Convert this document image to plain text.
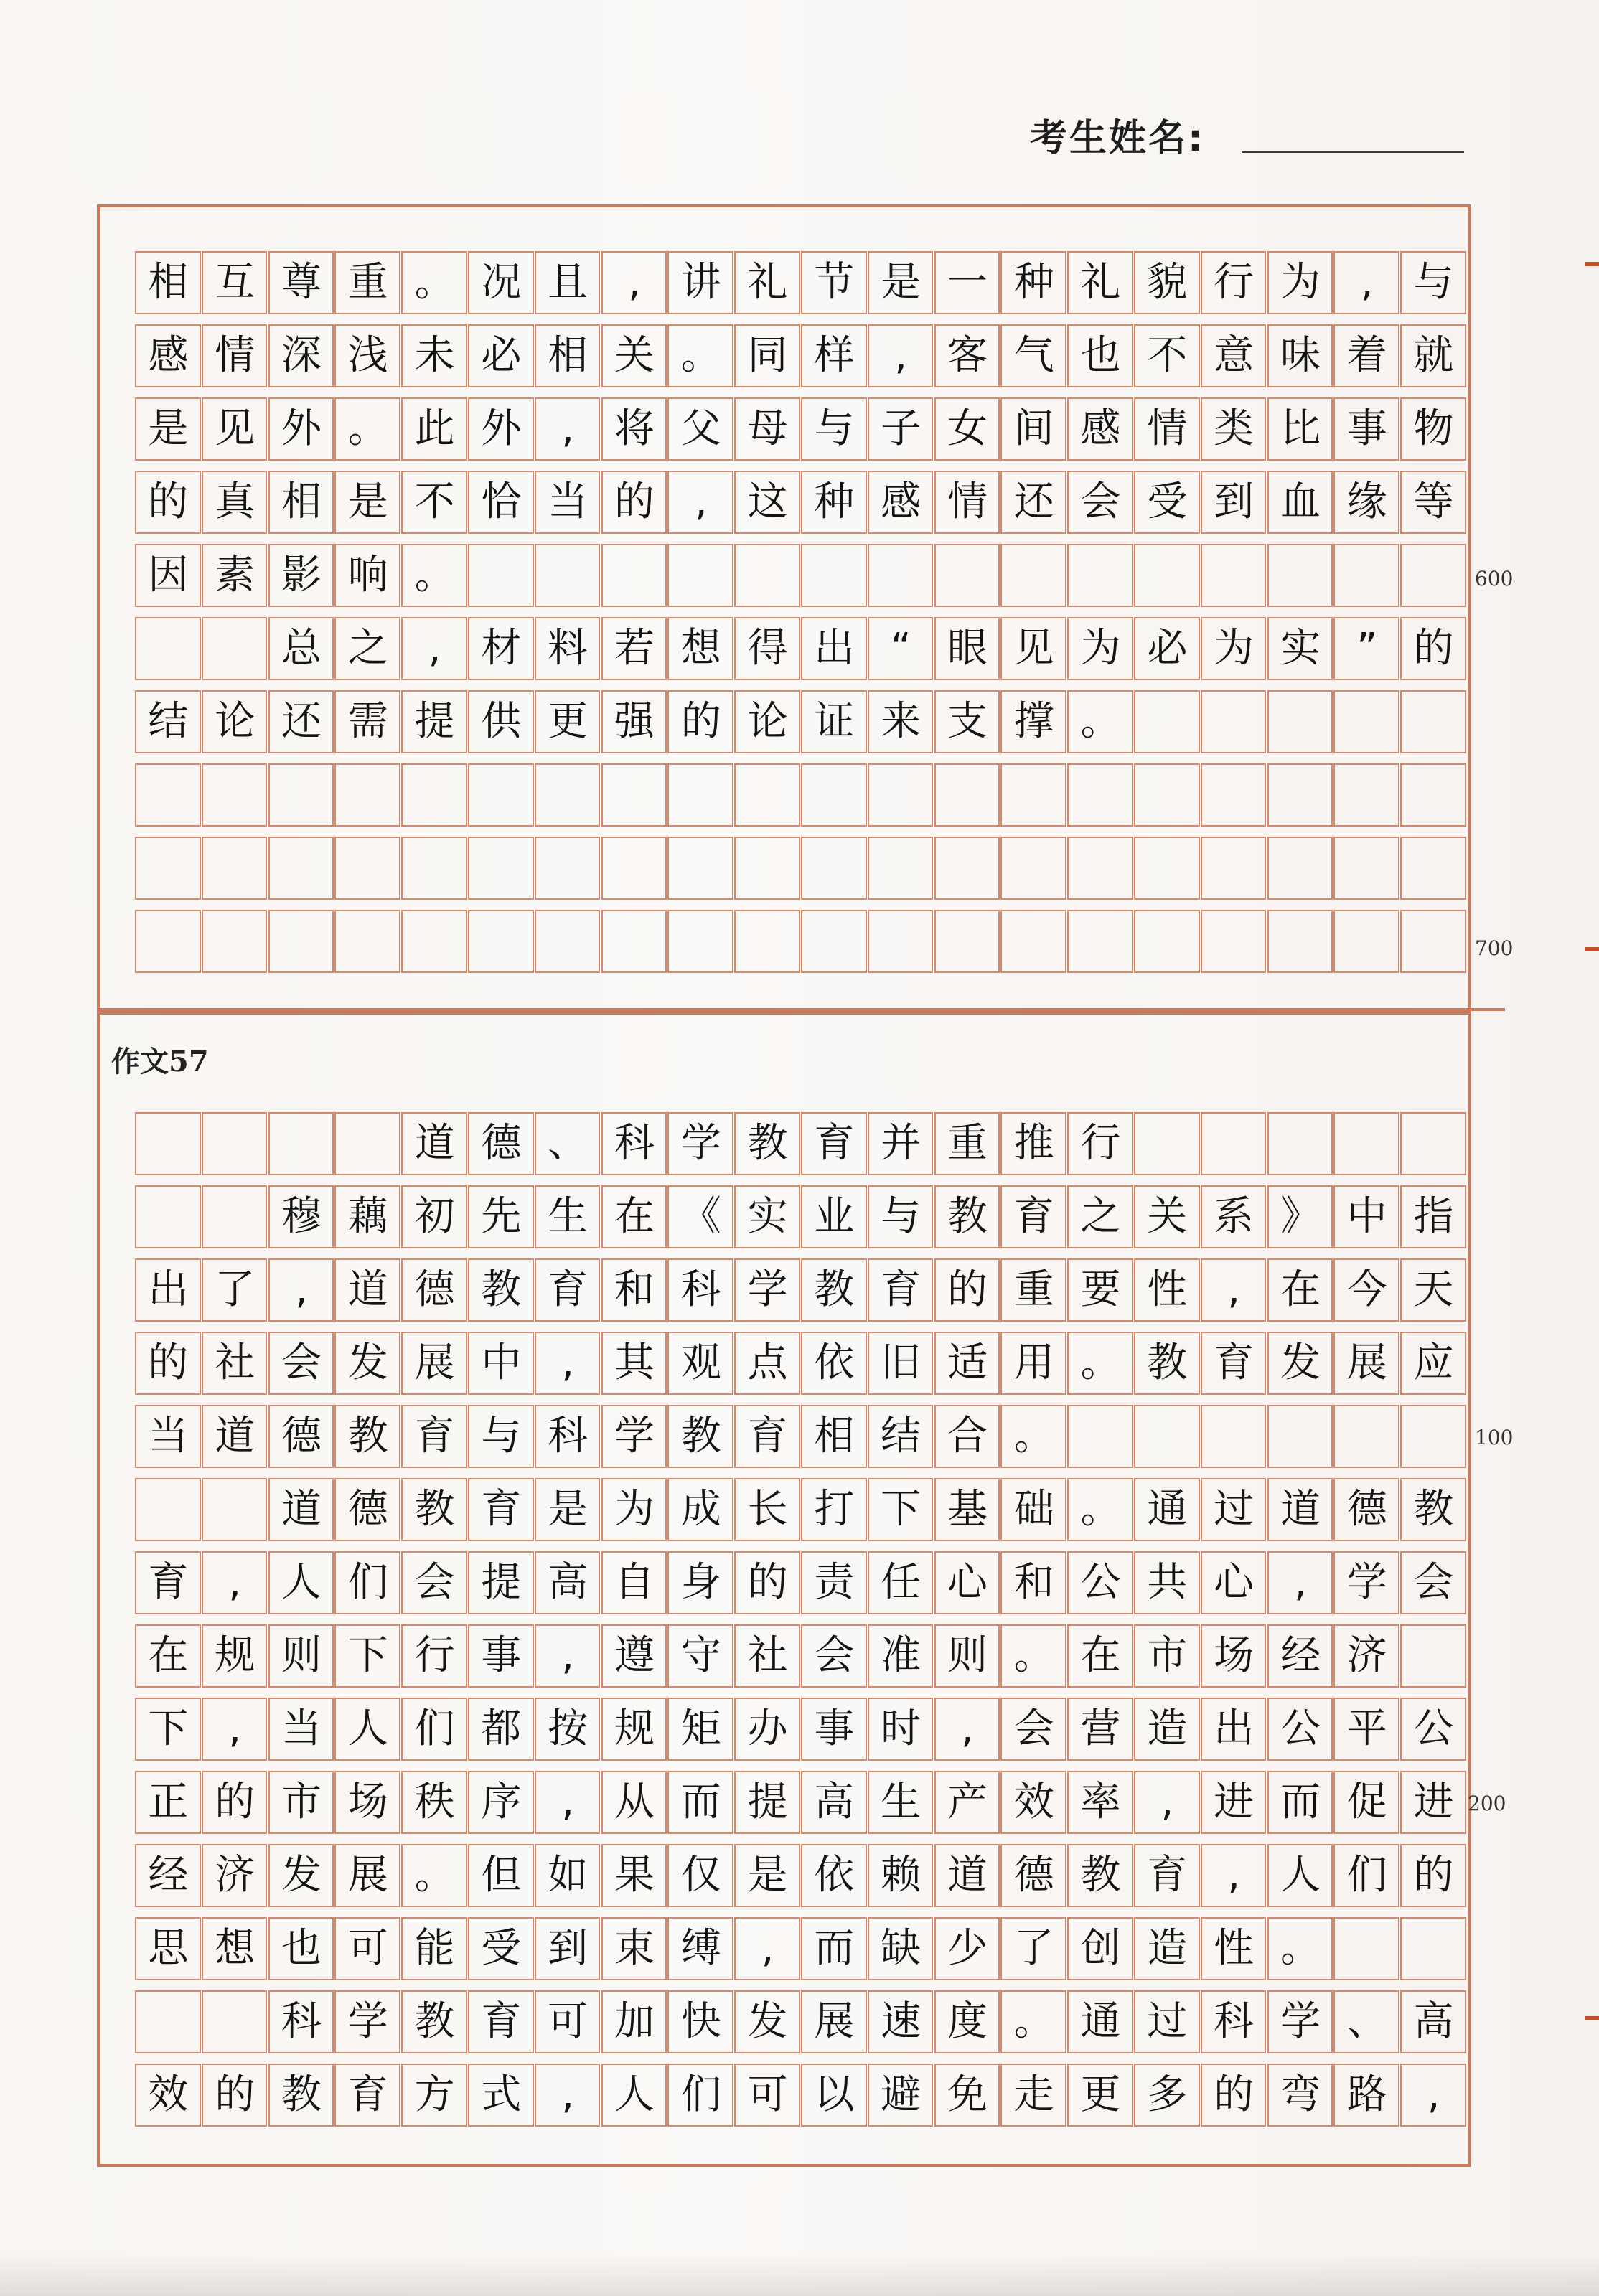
考生姓名:
作文57
600
700
100
200
相 互 尊 重 。 况 且 , 讲 礼 节 是 一 种 礼 貌 行 为 , 与
感 情 深 浅 未 必 相 关 。 同 样 , 客 气 也 不 意 味 着 就
是 见 外 。 此 外 , 将 父 母 与 子 女 间 感 情 类 比 事 物
的 真 相 是 不 恰 当 的 , 这 种 感 情 还 会 受 到 血 缘 等
因 素 影 响 。

总 之 , 材 料 若 想 得 出 “ 眼 见 为 必 为 实 ” 的
结 论 还 需 提 供 更 强 的 论 证 来 支 撑 。

道 德 、 科 学 教 育 并 重 推 行

穆 藕 初 先 生 在 《 实 业 与 教 育 之 关 系 》 中 指
出 了 , 道 德 教 育 和 科 学 教 育 的 重 要 性 , 在 今 天
的 社 会 发 展 中 , 其 观 点 依 旧 适 用 。 教 育 发 展 应
当 道 德 教 育 与 科 学 教 育 相 结 合 。

道 德 教 育 是 为 成 长 打 下 基 础 。 通 过 道 德 教
育 , 人 们 会 提 高 自 身 的 责 任 心 和 公 共 心 , 学 会
在 规 则 下 行 事 , 遵 守 社 会 准 则 。 在 市 场 经 济
下 , 当 人 们 都 按 规 矩 办 事 时 , 会 营 造 出 公 平 公
正 的 市 场 秩 序 , 从 而 提 高 生 产 效 率 , 进 而 促 进
经 济 发 展 。 但 如 果 仅 是 依 赖 道 德 教 育 , 人 们 的
思 想 也 可 能 受 到 束 缚 , 而 缺 少 了 创 造 性 。

科 学 教 育 可 加 快 发 展 速 度 。 通 过 科 学 、 高
效 的 教 育 方 式 , 人 们 可 以 避 免 走 更 多 的 弯 路 ,
